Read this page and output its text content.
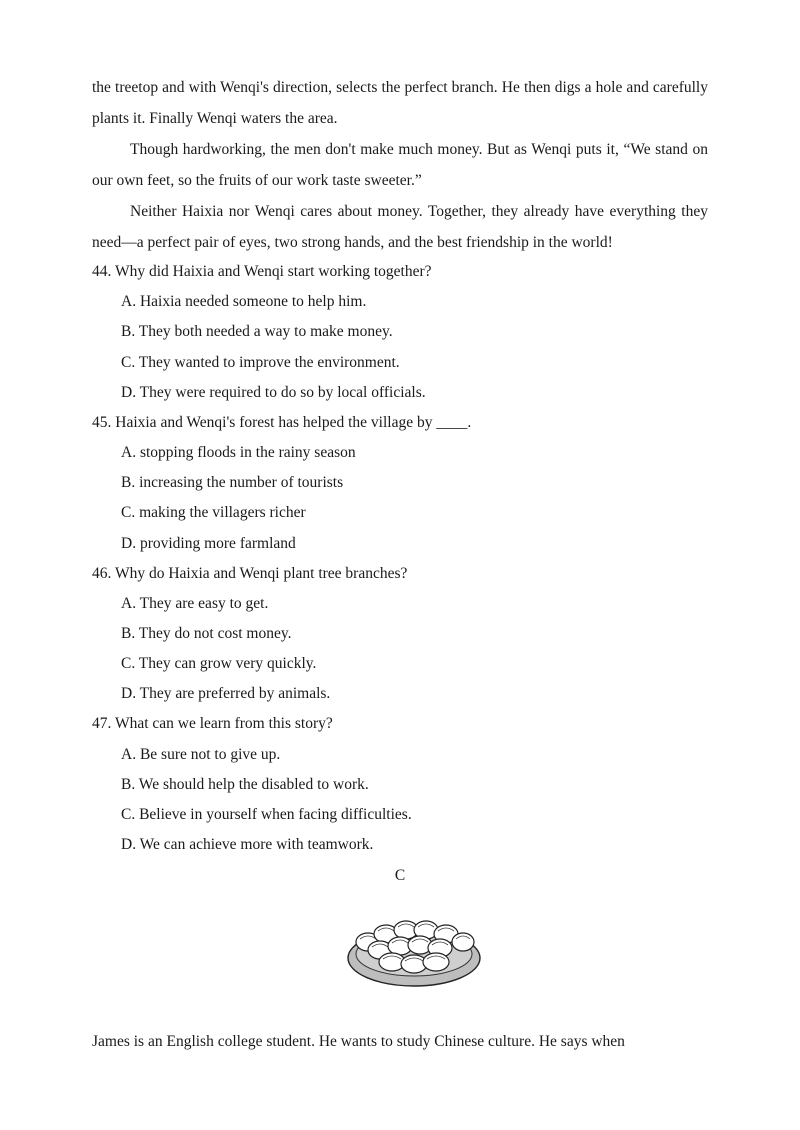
the treetop and with Wenqi's direction, selects the perfect branch. He then digs a hole and carefully plants it. Finally Wenqi waters the area.

Though hardworking, the men don't make much money. But as Wenqi puts it, “We stand on our own feet, so the fruits of our work taste sweeter.”

Neither Haixia nor Wenqi cares about money. Together, they already have everything they need—a perfect pair of eyes, two strong hands, and the best friendship in the world!

44. Why did Haixia and Wenqi start working together?

A. Haixia needed someone to help him.

B. They both needed a way to make money.

C. They wanted to improve the environment.

D. They were required to do so by local officials.

45. Haixia and Wenqi's forest has helped the village by ____.

A. stopping floods in the rainy season

B. increasing the number of tourists

C. making the villagers richer

D. providing more farmland

46. Why do Haixia and Wenqi plant tree branches?

A. They are easy to get.

B. They do not cost money.

C. They can grow very quickly.

D. They are preferred by animals.

47. What can we learn from this story?

A. Be sure not to give up.

B. We should help the disabled to work.

C. Believe in yourself when facing difficulties.

D. We can achieve more with teamwork.

C

James is an English college student. He wants to study Chinese culture. He says when
